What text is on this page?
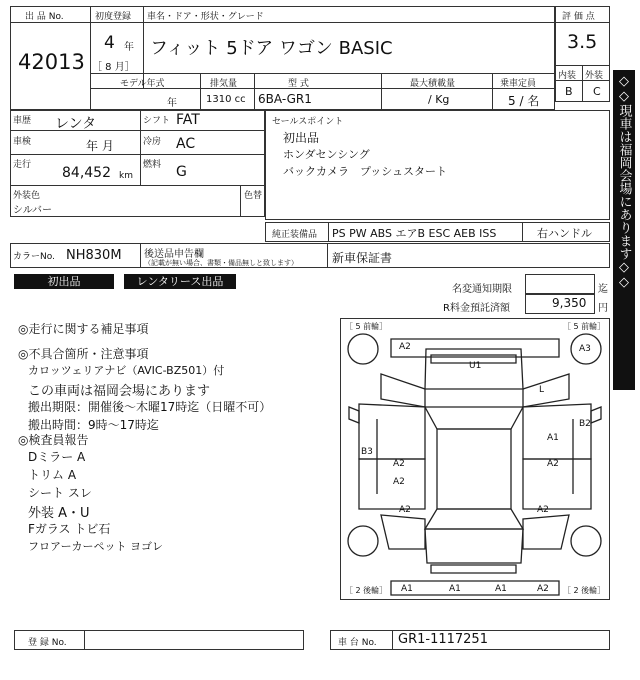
出 品 No.
42013
初度登録
4 年
［ 8 月］
車名・ドア・形状・グレード
フィット 5ドア ワゴン BASIC
モデル年式
年
排気量
1310 cc
型 式
6BA-GR1
最大積載量
/ Kg
乗車定員
5 / 名
評 価 点
3.5
内装 外装
B C
車歴 レンタ	シフト FAT
車検	年 月	冷房 AC
走行 84,452 km
燃料 G
外装色
シルバー
色替
セールスポイント
初出品
ホンダセンシング
バックカメラ　プッシュスタート
純正装備品 PS PW ABS エアB ESC AEB ISS	右ハンドル
カラーNo. NH830M 後送品申告欄
（記載が無い場合、書類・備品無しと致します）	新車保証書
初出品	レンタリース出品
名変通知期限	迄
R料金預託済額	9,350 円
◇◇現車は福岡会場にあります◇◇
◎走行に関する補足事項
◎不具合箇所・注意事項
カロッツェリアナビ（AVIC-BZ501）付
この車両は福岡会場にあります
搬出期限：開催後〜木曜17時迄（日曜不可）
搬出時間：9時〜17時迄
◎検査員報告
Dミラー A
トリム A
シート スレ
外装 A・U
Fガラス トビ石
フロアーカーペット ヨゴレ
［ 5 前輪］	［ 5 前輪］
［ 2 後輪］	［ 2 後輪］
A2	A3
U1
L
A1
B2
B3
A2	A2
A2
A2	A2
A1	A1	A1	A2
登 録 No.	車 台 No. GR1-1117251
